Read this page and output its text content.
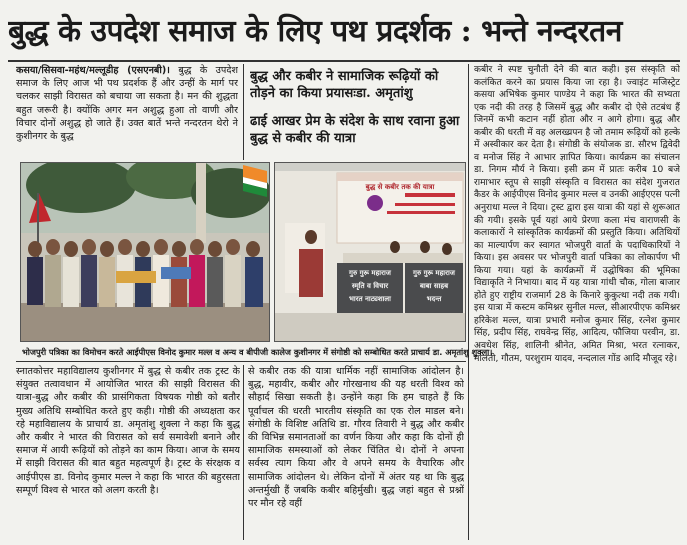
बुद्ध के उपदेश समाज के लिए पथ प्रदर्शक : भन्ते नन्दरतन

कसया/सिसवा-महंथ/मल्लूडीह (एसएनबी)। बुद्ध के उपदेश समाज के लिए आज भी पथ प्रदर्शक हैं और उन्हीं के मार्ग पर चलकर साझी विरासत को बचाया जा सकता है। मन की शुद्धता बहुत जरूरी है। क्योंकि अगर मन अशुद्ध हुआ तो वाणी और विचार दोनों अशुद्ध हो जाते हैं। उक्त बातें भन्ते नन्दरतन थेरो ने कुशीनगर के बुद्ध

बुद्ध और कबीर ने सामाजिक रूढ़ियों को तोड़ने का किया प्रयासःडा. अमृतांशु
ढाई आखर प्रेम के संदेश के साथ रवाना हुआ बुद्ध से कबीर की यात्रा

कबीर ने स्पष्ट चुनौती देने की बात कही। इस संस्कृति को कलंकित करने का प्रयास किया जा रहा है। ज्वाइंट मजिस्ट्रेट कसया अभिषेक कुमार पाण्डेय ने कहा कि भारत की सभ्यता एक नदी की तरह है जिसमें बुद्ध और कबीर दो ऐसे तटबंध हैं जिनमें कभी कटान नहीं होता और न आगे होगा। बुद्ध और कबीर की धरती में वह अलख्य्रपन है जो तमाम रूढ़ियों को हल्के में अस्वीकार कर देता है। संगोष्ठी के संयोजक डा. सौरभ द्विवेदी व मनोज सिंह ने आभार ज्ञापित किया। कार्यक्रम का संचालन डा. निगम मौर्य ने किया। इसी क्रम में प्रातः करीब 10 बजे रामाभार स्तूप से साझी संस्कृति व विरासत का संदेश गुजरात कैडर के आईपीएस विनोद कुमार मल्ल व उनकी आईएएस पत्नी अनुराधा मल्ल ने दिया। ट्रस्ट द्वारा इस यात्रा की यहां से शुरूआत की गयी। इसके पूर्व यहां आये प्रेरणा कला मंच वाराणसी के कलाकारों ने सांस्कृतिक कार्यक्रमों की प्रस्तुति किया। अतिथियों का माल्यार्पण कर स्वागत भोजपुरी वार्ता के पदाधिकारियों ने किया। इस अवसर पर भोजपुरी वार्ता पत्रिका का लोकार्पण भी किया गया। यहां के कार्यक्रमों में उद्घोषिका की भूमिका विद्याकृति ने निभाया। बाद में यह यात्रा गांधी चौक, गोला बाजार होते हुए राष्ट्रीय राजमार्ग 28 के किनारे कुकुत्था नदी तक गयी। इस यात्रा में कस्टम कमिश्नर सुनील मल्ल, सीआरपीएफ कमिश्नर हरिकेश मल्ल, यात्रा प्रभारी मनोज कुमार सिंह, रत्नेश कुमार सिंह, प्रदीप सिंह, राघवेन्द्र सिंह, आदित्य, फौजिया परवीन, डा. अवधेश सिंह, शालिनी श्रीनेत, अमित मिश्रा, भरत रत्नाकर, मालती, गौतम, परशुराम यादव, नन्दलाल गोंड आदि मौजूद रहे।

बुद्ध से कबीर तक की यात्रा
गुरु गुरू महाराज
स्मृति व विचार
भारत नाट्यशाला
गुरु गुरू महाराज
बाबा साहब
भदन्त
भोजपुरी पत्रिका का विमोचन करते आईपीएस विनोद कुमार मल्ल व अन्य व बीपीजी कालेज कुशीनगर में संगोष्ठी को सम्बोधित करते प्राचार्य डा. अमृतांशु शुक्ला।

स्नातकोत्तर महाविद्यालय कुशीनगर में बुद्ध से कबीर तक ट्रस्ट के संयुक्त तत्वावधान में आयोजित भारत की साझी विरासत की यात्रा-बुद्ध और कबीर की प्रासंगिकता विषयक गोष्ठी को बतौर मुख्य अतिथि सम्बोधित करते हुए कही। गोष्ठी की अध्यक्षता कर रहे महाविद्यालय के प्राचार्य डा. अमृतांशु शुक्ला ने कहा कि बुद्ध और कबीर ने भारत की विरासत को सर्व समावेशी बनाने और समाज में आयी रूढ़ियों को तोड़ने का काम किया। आज के समय में साझी विरासत की बात बहुत महत्वपूर्ण है। ट्रस्ट के संरक्षक व आईपीएस डा. विनोद कुमार मल्ल ने कहा कि भारत की बहुरसता सम्पूर्ण विश्व से भारत को अलग करती है।

से कबीर तक की यात्रा धार्मिक नहीं सामाजिक आंदोलन है। बुद्ध, महावीर, कबीर और गोरखनाथ की यह धरती विश्व को सौहार्द सिखा सकती है। उन्होंने कहा कि हम चाहते हैं कि पूर्वांचल की धरती भारतीय संस्कृति का एक रोल माडल बने। संगोष्ठी के विशिष्ट अतिथि डा. गौरव तिवारी ने बुद्ध और कबीर की विभिन्न समानताओं का वर्णन किया और कहा कि दोनों ही सामाजिक समस्याओं को लेकर चिंतित थे। दोनों ने अपना सर्वस्व त्याग किया और वे अपने समय के वैचारिक और सामाजिक आंदोलन थे। लेकिन दोनों में अंतर यह था कि बुद्ध अन्तर्मुखी हैं जबकि कबीर बहिर्मुखी। बुद्ध जहां बहुत से प्रश्नों पर मौन रहे वहीं
